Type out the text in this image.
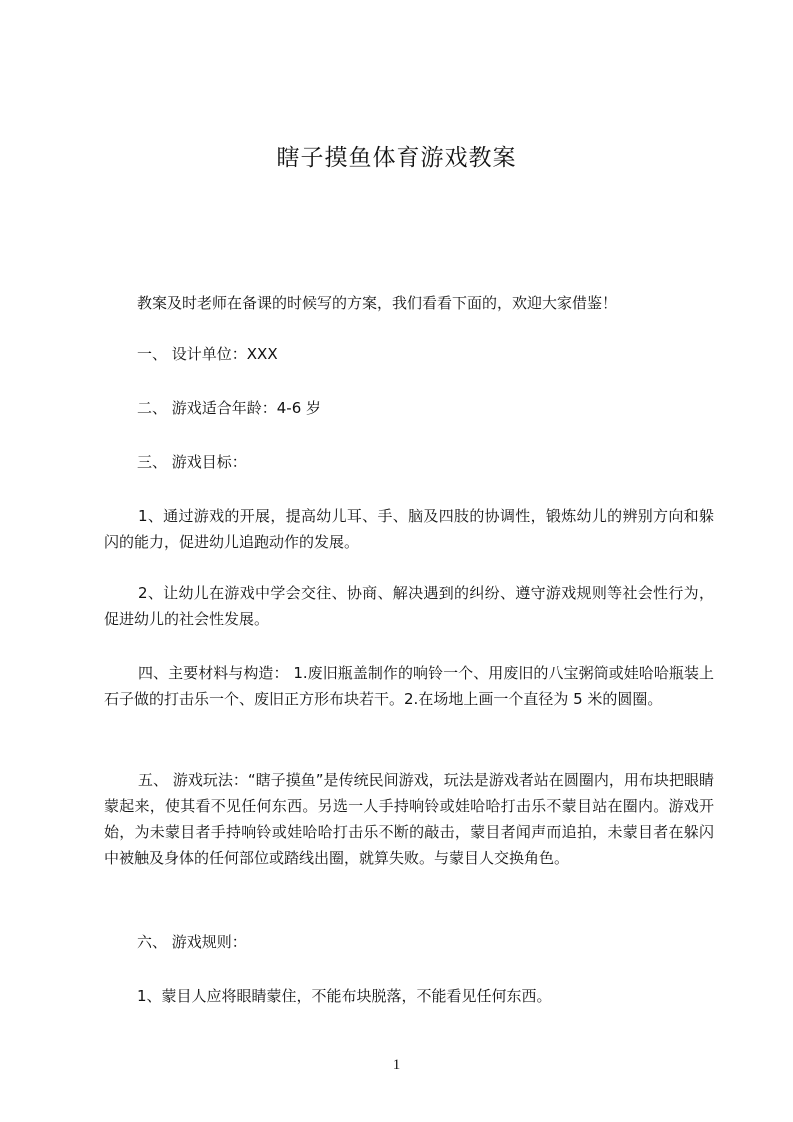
瞎子摸鱼体育游戏教案

教案及时老师在备课的时候写的方案，我们看看下面的，欢迎大家借鉴！

一、 设计单位：XXX

二、 游戏适合年龄：4-6 岁

三、 游戏目标：

1、通过游戏的开展，提高幼儿耳、手、脑及四肢的协调性，锻炼幼儿的辨别方向和躲闪的能力，促进幼儿追跑动作的发展。

2、让幼儿在游戏中学会交往、协商、解决遇到的纠纷、遵守游戏规则等社会性行为，促进幼儿的社会性发展。

四、主要材料与构造： 1.废旧瓶盖制作的响铃一个、用废旧的八宝粥筒或娃哈哈瓶装上石子做的打击乐一个、废旧正方形布块若干。2.在场地上画一个直径为 5 米的圆圈。

五、 游戏玩法：“瞎子摸鱼”是传统民间游戏，玩法是游戏者站在圆圈内，用布块把眼睛蒙起来，使其看不见任何东西。另选一人手持响铃或娃哈哈打击乐不蒙目站在圈内。游戏开始，为未蒙目者手持响铃或娃哈哈打击乐不断的敲击，蒙目者闻声而追拍，未蒙目者在躲闪中被触及身体的任何部位或踏线出圈，就算失败。与蒙目人交换角色。

六、 游戏规则：

1、蒙目人应将眼睛蒙住，不能布块脱落，不能看见任何东西。

1
